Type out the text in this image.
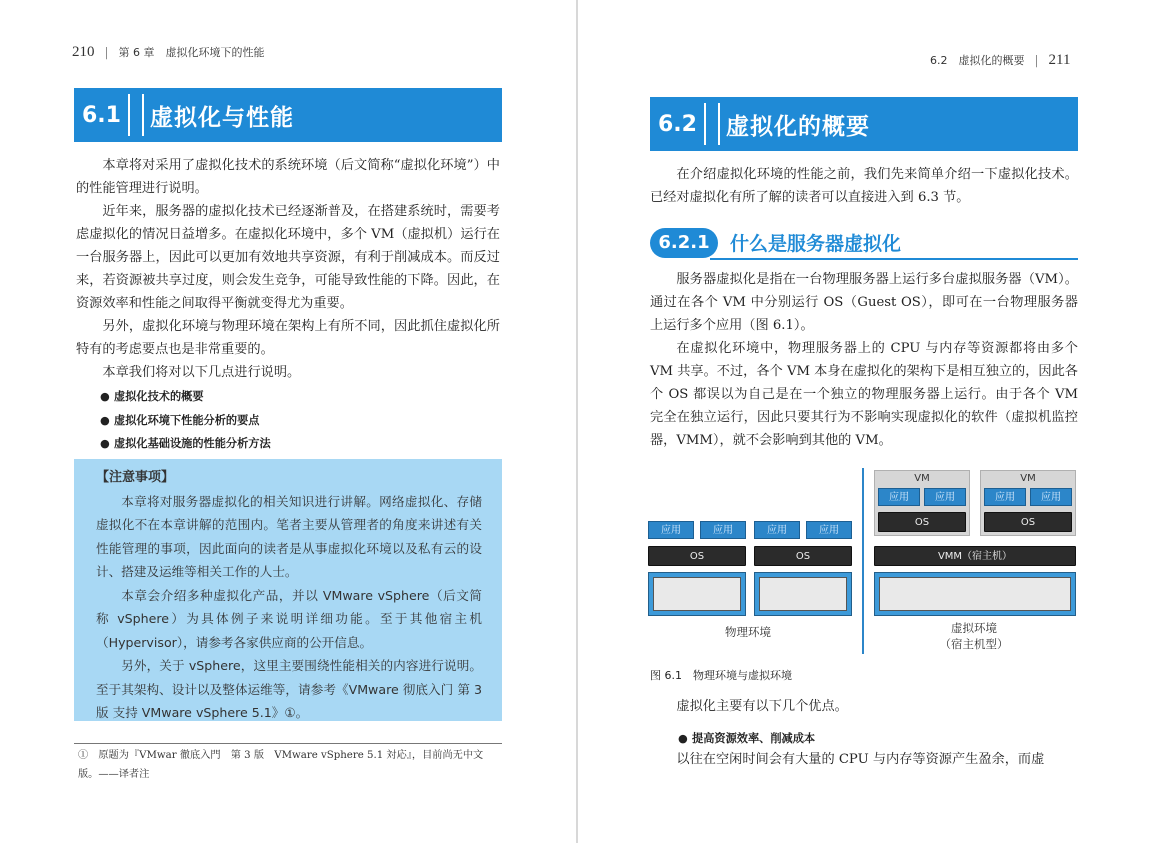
210 | 第 6 章　虚拟化环境下的性能
6.1 虚拟化与性能

本章将对采用了虚拟化技术的系统环境（后文简称“虚拟化环境”）中的性能管理进行说明。

近年来，服务器的虚拟化技术已经逐渐普及，在搭建系统时，需要考虑虚拟化的情况日益增多。在虚拟化环境中，多个 VM（虚拟机）运行在一台服务器上，因此可以更加有效地共享资源，有利于削减成本。而反过来，若资源被共享过度，则会发生竞争，可能导致性能的下降。因此，在资源效率和性能之间取得平衡就变得尤为重要。

另外，虚拟化环境与物理环境在架构上有所不同，因此抓住虚拟化所特有的考虑要点也是非常重要的。

本章我们将对以下几点进行说明。

● 虚拟化技术的概要
● 虚拟化环境下性能分析的要点
● 虚拟化基础设施的性能分析方法
【注意事项】

本章将对服务器虚拟化的相关知识进行讲解。网络虚拟化、存储虚拟化不在本章讲解的范围内。笔者主要从管理者的角度来讲述有关性能管理的事项，因此面向的读者是从事虚拟化环境以及私有云的设计、搭建及运维等相关工作的人士。

本章会介绍多种虚拟化产品，并以 VMware vSphere（后文简称 vSphere）为具体例子来说明详细功能。至于其他宿主机（Hypervisor），请参考各家供应商的公开信息。

另外，关于 vSphere，这里主要围绕性能相关的内容进行说明。至于其架构、设计以及整体运维等，请参考《VMware 彻底入门 第 3 版 支持 VMware vSphere 5.1》①。

①　原题为『VMwar 徹底入門　第 3 版　VMware vSphere 5.1 対応』，目前尚无中文版。——译者注
6.2　虚拟化的概要 | 211
6.2 虚拟化的概要

在介绍虚拟化环境的性能之前，我们先来简单介绍一下虚拟化技术。已经对虚拟化有所了解的读者可以直接进入到 6.3 节。

6.2.1	什么是服务器虚拟化

服务器虚拟化是指在一台物理服务器上运行多台虚拟服务器（VM）。通过在各个 VM 中分别运行 OS（Guest OS），即可在一台物理服务器上运行多个应用（图 6.1）。

在虚拟化环境中，物理服务器上的 CPU 与内存等资源都将由多个 VM 共享。不过，各个 VM 本身在虚拟化的架构下是相互独立的，因此各个 OS 都误以为自己是在一个独立的物理服务器上运行。由于各个 VM 完全在独立运行，因此只要其行为不影响实现虚拟化的软件（虚拟机监控器，VMM），就不会影响到其他的 VM。

应用	应用
OS
应用	应用
OS
物理环境
VM
应用	应用
OS
VM
应用	应用
OS
VMM（宿主机）
虚拟环境
（宿主机型）
图 6.1　物理环境与虚拟环境

虚拟化主要有以下几个优点。

● 提高资源效率、削减成本

以往在空闲时间会有大量的 CPU 与内存等资源产生盈余，而虚
